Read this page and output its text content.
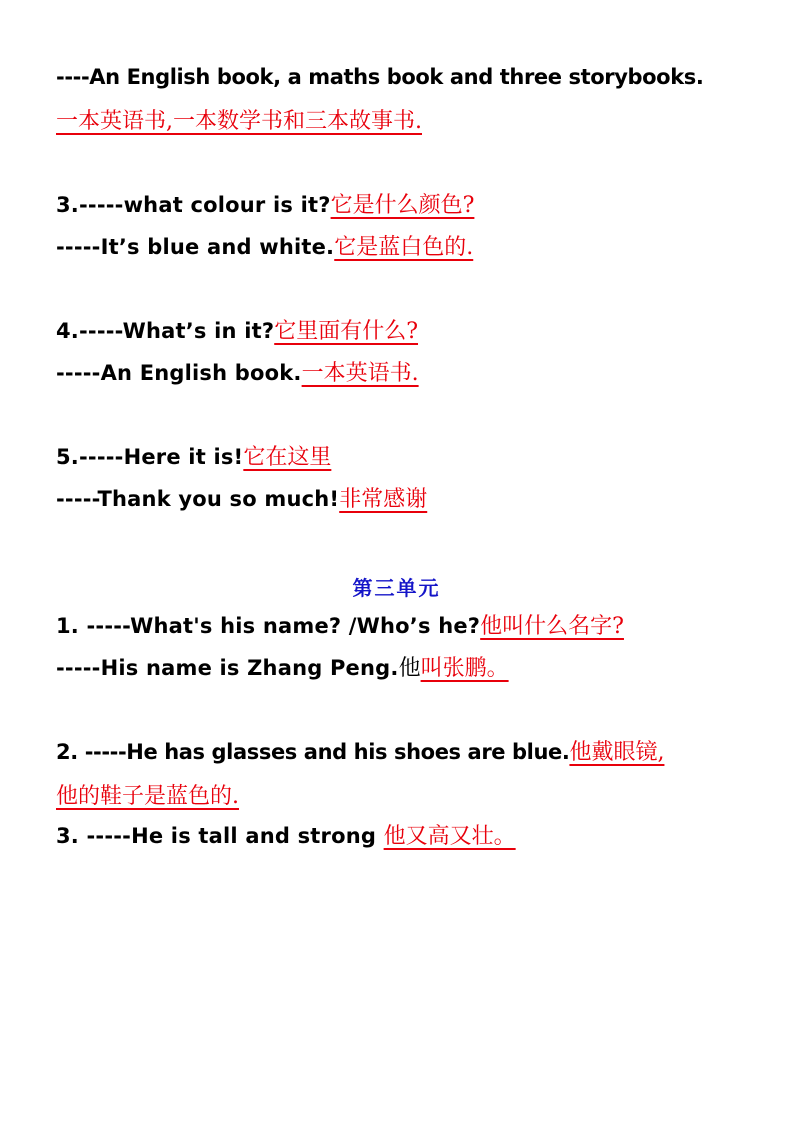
----An English book, a maths book and three storybooks.
一本英语书,一本数学书和三本故事书.
3.-----what colour is it?它是什么颜色?
-----It’s blue and white.它是蓝白色的.
4.-----What’s in it?它里面有什么?
-----An English book.一本英语书.
5.-----Here it is!它在这里
-----Thank you so much!非常感谢
第三单元
1. -----What's his name? /Who’s he?他叫什么名字?
-----His name is Zhang Peng.他叫张鹏。
2. -----He has glasses and his shoes are blue.他戴眼镜,
他的鞋子是蓝色的.
3. -----He is tall and strong 他又高又壮。
